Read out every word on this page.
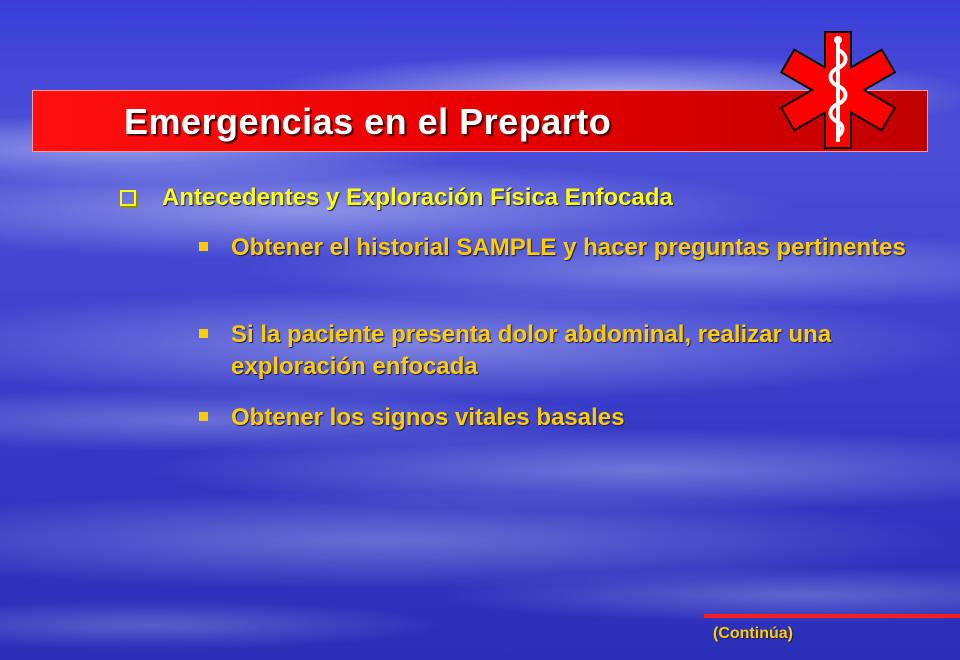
Emergencias en el Preparto
Antecedentes y Exploración Física Enfocada
Obtener el historial SAMPLE y hacer preguntas pertinentes
Si la paciente presenta dolor abdominal, realizar una exploración enfocada
Obtener los signos vitales basales
(Continúa)
